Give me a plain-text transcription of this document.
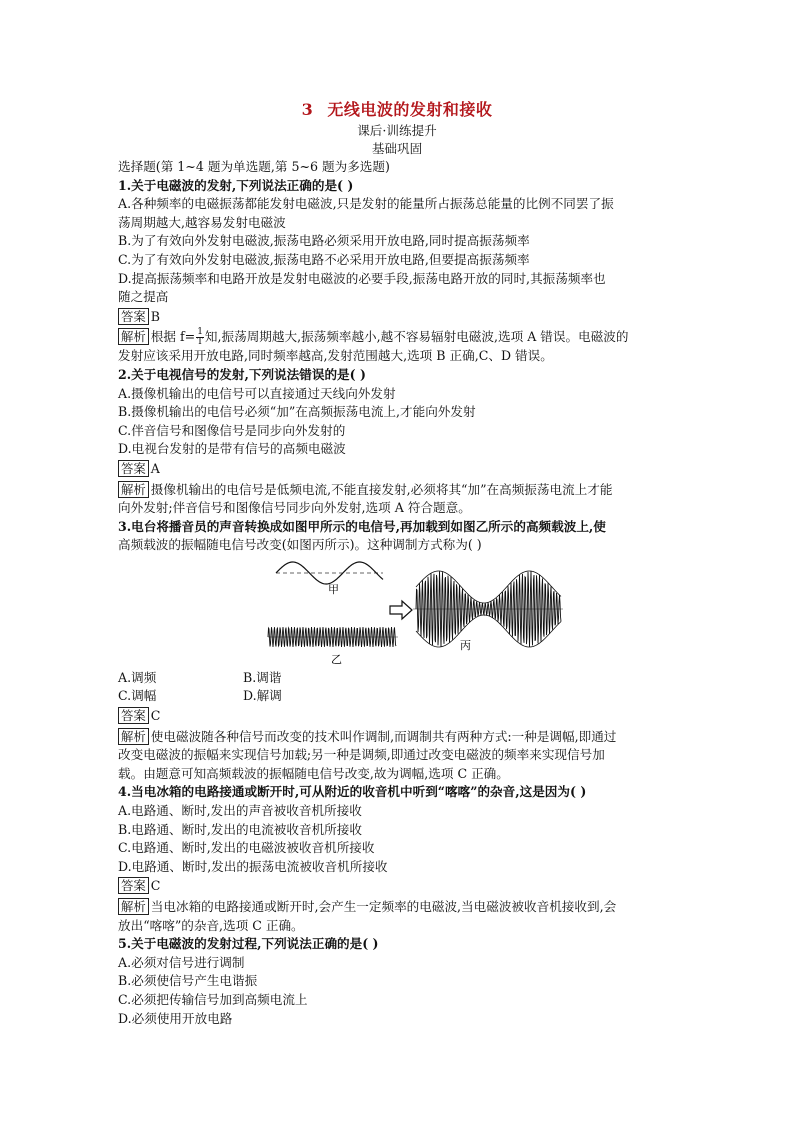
3 无线电波的发射和接收
课后·训练提升
基础巩固
选择题(第 1~4 题为单选题,第 5~6 题为多选题)
1.关于电磁波的发射,下列说法正确的是( )
A.各种频率的电磁振荡都能发射电磁波,只是发射的能量所占振荡总能量的比例不同罢了振
荡周期越大,越容易发射电磁波
B.为了有效向外发射电磁波,振荡电路必须采用开放电路,同时提高振荡频率
C.为了有效向外发射电磁波,振荡电路不必采用开放电路,但要提高振荡频率
D.提高振荡频率和电路开放是发射电磁波的必要手段,振荡电路开放的同时,其振荡频率也
随之提高
答案 B
解析 根据 $f= \frac{1}{T}$ 知,振荡周期越大,振荡频率越小,越不容易辐射电磁波,选项 A 错误。电磁波的
发射应该采用开放电路,同时频率越高,发射范围越大,选项 B 正确,C、D 错误。
2.关于电视信号的发射,下列说法错误的是( )
A.摄像机输出的电信号可以直接通过天线向外发射
B.摄像机输出的电信号必须“加”在高频振荡电流上,才能向外发射
C.伴音信号和图像信号是同步向外发射的
D.电视台发射的是带有信号的高频电磁波
答案 A
解析 摄像机输出的电信号是低频电流,不能直接发射,必须将其“加”在高频振荡电流上才能
向外发射;伴音信号和图像信号同步向外发射,选项 A 符合题意。
3.电台将播音员的声音转换成如图甲所示的电信号,再加载到如图乙所示的高频载波上,使
高频载波的振幅随电信号改变(如图丙所示)。这种调制方式称为( )
甲
乙
丙
A.调频	B.调谐
C.调幅	D.解调
答案 C
解析 使电磁波随各种信号而改变的技术叫作调制,而调制共有两种方式:一种是调幅,即通过
改变电磁波的振幅来实现信号加载;另一种是调频,即通过改变电磁波的频率来实现信号加
载。由题意可知高频载波的振幅随电信号改变,故为调幅,选项 C 正确。
4.当电冰箱的电路接通或断开时,可从附近的收音机中听到“喀喀”的杂音,这是因为( )
A.电路通、断时,发出的声音被收音机所接收
B.电路通、断时,发出的电流被收音机所接收
C.电路通、断时,发出的电磁波被收音机所接收
D.电路通、断时,发出的振荡电流被收音机所接收
答案 C
解析 当电冰箱的电路接通或断开时,会产生一定频率的电磁波,当电磁波被收音机接收到,会
放出“喀喀”的杂音,选项 C 正确。
5.关于电磁波的发射过程,下列说法正确的是( )
A.必须对信号进行调制
B.必须使信号产生电谐振
C.必须把传输信号加到高频电流上
D.必须使用开放电路
